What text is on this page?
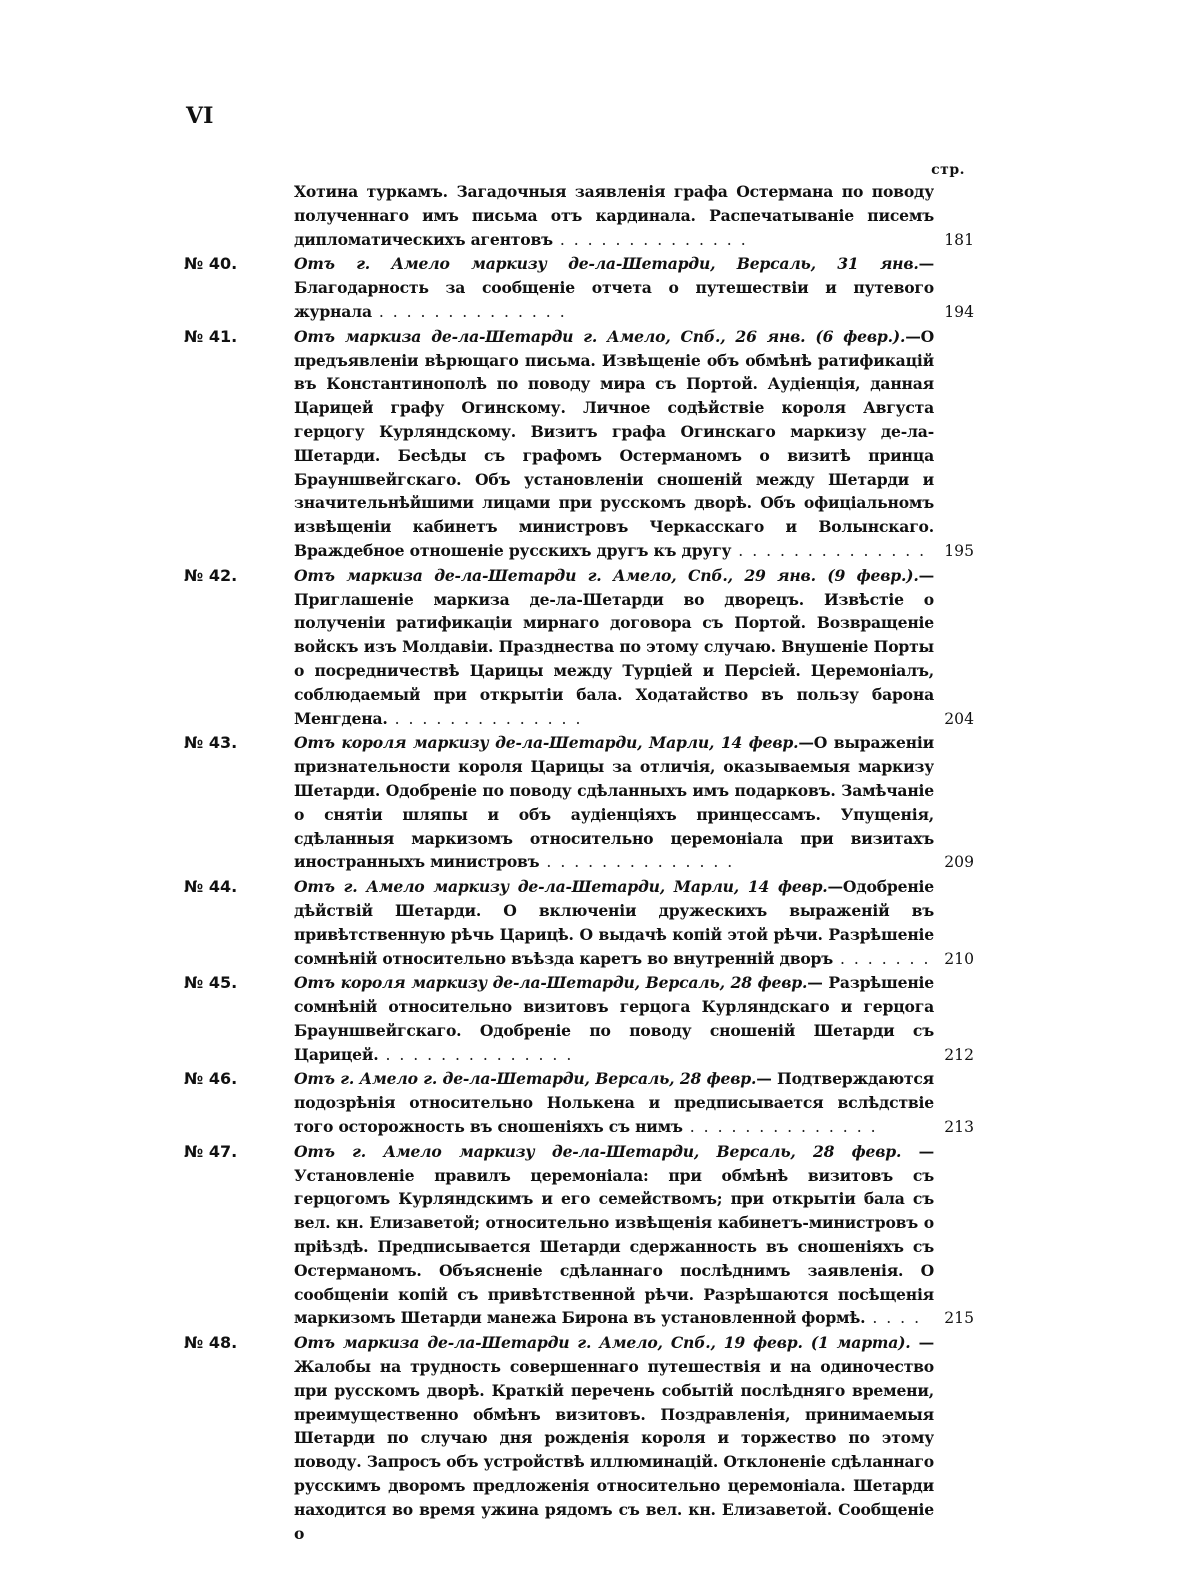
VI
стр.
Хотина туркамъ. Загадочныя заявленія графа Остермана по поводу полученнаго имъ письма отъ кардинала. Распечатываніе писемъ дипломатическихъ агентовъ . . . . . . . . . . . . . .	181
№ 40.	Отъ г. Амело маркизу де-ла-Шетарди, Версаль, 31 янв.— Благодарность за сообщеніе отчета о путешествіи и путевого журнала . . . . . . . . . . . . . .	194
№ 41.	Отъ маркиза де-ла-Шетарди г. Амело, Спб., 26 янв. (6 февр.).—О предъявленіи вѣрющаго письма. Извѣщеніе объ обмѣнѣ ратификацій въ Константинополѣ по поводу мира съ Портой. Аудіенція, данная Царицей графу Огинскому. Личное содѣйствіе короля Августа герцогу Курляндскому. Визитъ графа Огинскаго маркизу де-ла-Шетарди. Бесѣды съ графомъ Остерманомъ о визитѣ принца Брауншвейгскаго. Объ установленіи сношеній между Шетарди и значительнѣйшими лицами при русскомъ дворѣ. Объ офиціальномъ извѣщеніи кабинетъ министровъ Черкасскаго и Волынскаго. Враждебное отношеніе русскихъ другъ къ другу . . . . . . . . . . . . . .	195
№ 42.	Отъ маркиза де-ла-Шетарди г. Амело, Спб., 29 янв. (9 февр.).—Приглашеніе маркиза де-ла-Шетарди во дворецъ. Извѣстіе о полученіи ратификаціи мирнаго договора съ Портой. Возвращеніе войскъ изъ Молдавіи. Празднества по этому случаю. Внушеніе Порты о посредничествѣ Царицы между Турціей и Персіей. Церемоніалъ, соблюдаемый при открытіи бала. Ходатайство въ пользу барона Менгдена. . . . . . . . . . . . . . .	204
№ 43.	Отъ короля маркизу де-ла-Шетарди, Марли, 14 февр.—О выраженіи признательности короля Царицы за отличія, оказываемыя маркизу Шетарди. Одобреніе по поводу сдѣланныхъ имъ подарковъ. Замѣчаніе о снятіи шляпы и объ аудіенціяхъ принцессамъ. Упущенія, сдѣланныя маркизомъ относительно церемоніала при визитахъ иностранныхъ министровъ . . . . . . . . . . . . . .	209
№ 44.	Отъ г. Амело маркизу де-ла-Шетарди, Марли, 14 февр.—Одобреніе дѣйствій Шетарди. О включеніи дружескихъ выраженій въ привѣтственную рѣчь Царицѣ. О выдачѣ копій этой рѣчи. Разрѣшеніе сомнѣній относительно въѣзда каретъ во внутренній дворъ . . . . . . . 210
№ 45.	Отъ короля маркизу де-ла-Шетарди, Версаль, 28 февр.— Разрѣшеніе сомнѣній относительно визитовъ герцога Курляндскаго и герцога Брауншвейгскаго. Одобреніе по поводу сношеній Шетарди съ Царицей. . . . . . . . . . . . . . .	212
№ 46.	Отъ г. Амело г. де-ла-Шетарди, Версаль, 28 февр.— Подтверждаются подозрѣнія относительно Нолькена и предписывается вслѣдствіе того осторожность въ сношеніяхъ съ нимъ . . . . . . . . . . . . . .	213
№ 47.	Отъ г. Амело маркизу де-ла-Шетарди, Версаль, 28 февр. — Установленіе правилъ церемоніала: при обмѣнѣ визитовъ съ герцогомъ Курляндскимъ и его семействомъ; при открытіи бала съ вел. кн. Елизаветой; относительно извѣщенія кабинетъ-министровъ о пріѣздѣ. Предписывается Шетарди сдержанность въ сношеніяхъ съ Остерманомъ. Объясненіе сдѣланнаго послѣднимъ заявленія. О сообщеніи копій съ привѣтственной рѣчи. Разрѣшаются посѣщенія маркизомъ Шетарди манежа Бирона въ установленной формѣ. . . . .	215
№ 48.	Отъ маркиза де-ла-Шетарди г. Амело, Спб., 19 февр. (1 марта). — Жалобы на трудность совершеннаго путешествія и на одиночество при русскомъ дворѣ. Краткій перечень событій послѣдняго времени, преимущественно обмѣнъ визитовъ. Поздравленія, принимаемыя Шетарди по случаю дня рожденія короля и торжество по этому поводу. Запросъ объ устройствѣ иллюминацій. Отклоненіе сдѣланнаго русскимъ дворомъ предложенія относительно церемоніала. Шетарди находится во время ужина рядомъ съ вел. кн. Елизаветой. Сообщеніе о
